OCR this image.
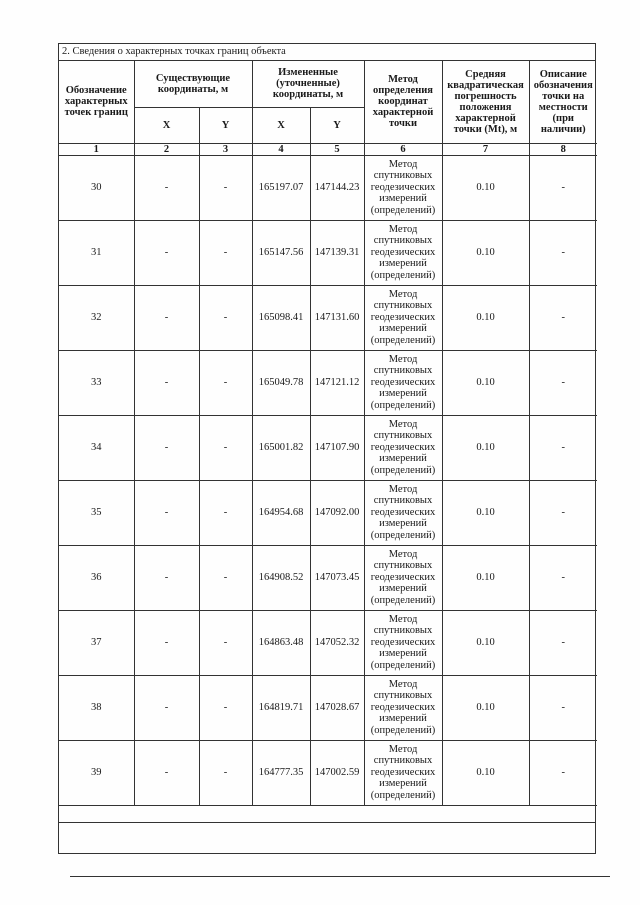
2. Сведения о характерных точках границ объекта
Обозначение характерных точек границ	Существующие координаты, м		Измененные (уточненные) координаты, м		Метод определения координат характерной точки	Средняя квадратическая погрешность положения характерной точки (Mt), м	Описание обозначения точки на местности (при наличии)
	X	Y	X	Y			
1	2	3	4	5	6	7	8
30	-	-	165197.07	147144.23	Метод спутниковых геодезических измерений (определений)	0.10	-
31	-	-	165147.56	147139.31	Метод спутниковых геодезических измерений (определений)	0.10	-
32	-	-	165098.41	147131.60	Метод спутниковых геодезических измерений (определений)	0.10	-
33	-	-	165049.78	147121.12	Метод спутниковых геодезических измерений (определений)	0.10	-
34	-	-	165001.82	147107.90	Метод спутниковых геодезических измерений (определений)	0.10	-
35	-	-	164954.68	147092.00	Метод спутниковых геодезических измерений (определений)	0.10	-
36	-	-	164908.52	147073.45	Метод спутниковых геодезических измерений (определений)	0.10	-
37	-	-	164863.48	147052.32	Метод спутниковых геодезических измерений (определений)	0.10	-
38	-	-	164819.71	147028.67	Метод спутниковых геодезических измерений (определений)	0.10	-
39	-	-	164777.35	147002.59	Метод спутниковых геодезических измерений (определений)	0.10	-
